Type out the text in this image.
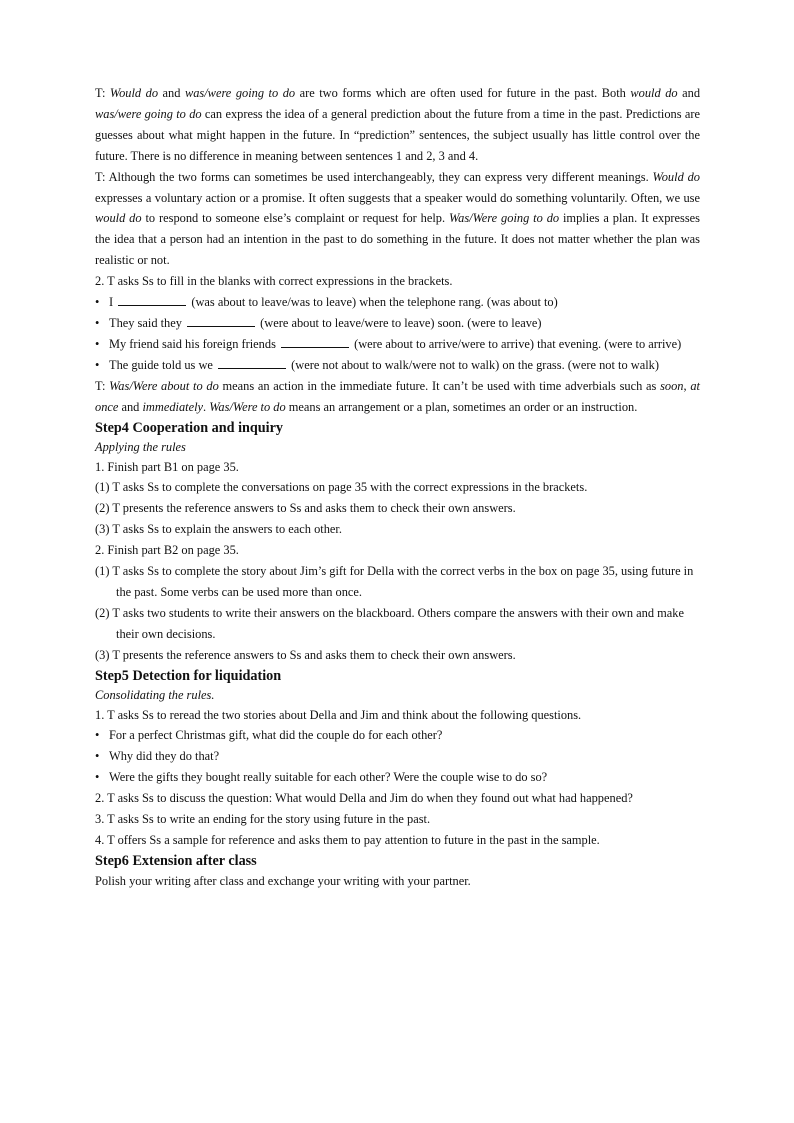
T: Would do and was/were going to do are two forms which are often used for future in the past. Both would do and was/were going to do can express the idea of a general prediction about the future from a time in the past. Predictions are guesses about what might happen in the future. In “prediction” sentences, the subject usually has little control over the future. There is no difference in meaning between sentences 1 and 2, 3 and 4.

T: Although the two forms can sometimes be used interchangeably, they can express very different meanings. Would do expresses a voluntary action or a promise. It often suggests that a speaker would do something voluntarily. Often, we use would do to respond to someone else’s complaint or request for help. Was/Were going to do implies a plan. It expresses the idea that a person had an intention in the past to do something in the future. It does not matter whether the plan was realistic or not.

2. T asks Ss to fill in the blanks with correct expressions in the brackets.

• I	(was about to leave/was to leave) when the telephone rang. (was about to)

• They said they	(were about to leave/were to leave) soon. (were to leave)

• My friend said his foreign friends	(were about to arrive/were to arrive) that evening. (were to arrive)

• The guide told us we	(were not about to walk/were not to walk) on the grass. (were not to walk)

T: Was/Were about to do means an action in the immediate future. It can’t be used with time adverbials such as soon, at once and immediately. Was/Were to do means an arrangement or a plan, sometimes an order or an instruction.

Step4 Cooperation and inquiry

Applying the rules

1. Finish part B1 on page 35.

(1) T asks Ss to complete the conversations on page 35 with the correct expressions in the brackets.

(2) T presents the reference answers to Ss and asks them to check their own answers.

(3) T asks Ss to explain the answers to each other.

2. Finish part B2 on page 35.

(1) T asks Ss to complete the story about Jim’s gift for Della with the correct verbs in the box on page 35, using future in the past. Some verbs can be used more than once.

(2) T asks two students to write their answers on the blackboard. Others compare the answers with their own and make their own decisions.

(3) T presents the reference answers to Ss and asks them to check their own answers.

Step5 Detection for liquidation

Consolidating the rules.

1. T asks Ss to reread the two stories about Della and Jim and think about the following questions.

• For a perfect Christmas gift, what did the couple do for each other?

• Why did they do that?

• Were the gifts they bought really suitable for each other? Were the couple wise to do so?

2. T asks Ss to discuss the question: What would Della and Jim do when they found out what had happened?

3. T asks Ss to write an ending for the story using future in the past.

4. T offers Ss a sample for reference and asks them to pay attention to future in the past in the sample.

Step6 Extension after class

Polish your writing after class and exchange your writing with your partner.
